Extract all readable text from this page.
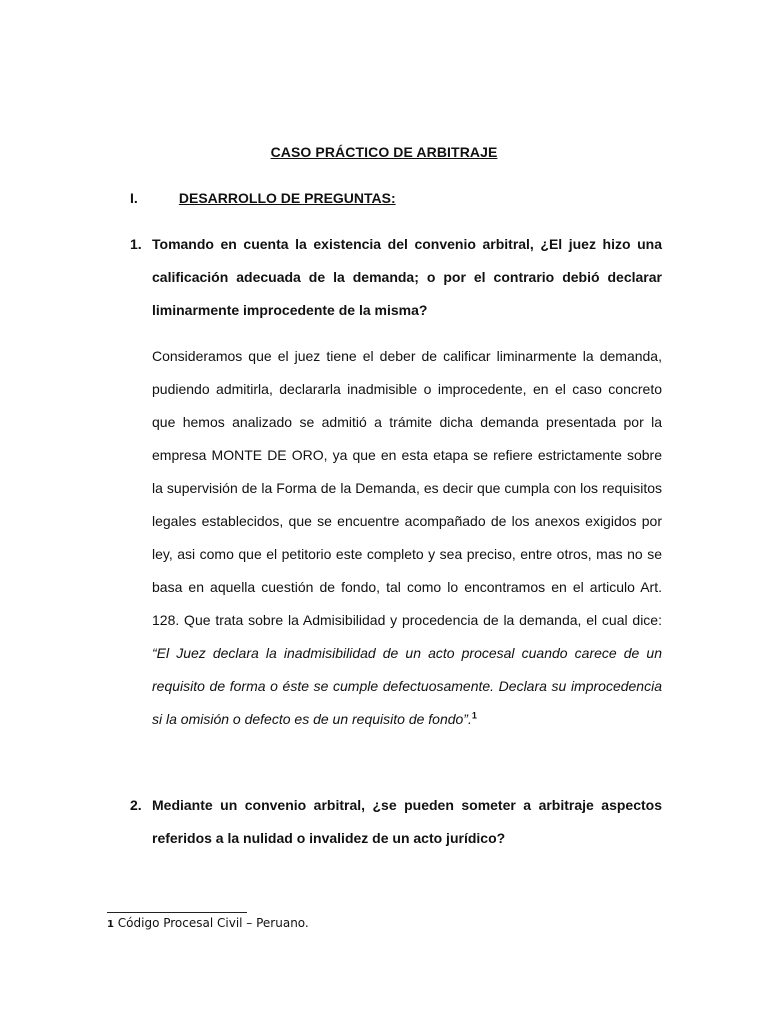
CASO PRÁCTICO DE ARBITRAJE
I.	DESARROLLO DE PREGUNTAS:
1. Tomando en cuenta la existencia del convenio arbitral, ¿El juez hizo una calificación adecuada de la demanda; o por el contrario debió declarar liminarmente improcedente de la misma?
Consideramos que el juez tiene el deber de calificar liminarmente la demanda, pudiendo admitirla, declararla inadmisible o improcedente, en el caso concreto que hemos analizado se admitió a trámite dicha demanda presentada por la empresa MONTE DE ORO, ya que en esta etapa se refiere estrictamente sobre la supervisión de la Forma de la Demanda, es decir que cumpla con los requisitos legales establecidos, que se encuentre acompañado de los anexos exigidos por ley, asi como que el petitorio este completo y sea preciso, entre otros, mas no se basa en aquella cuestión de fondo, tal como lo encontramos en el articulo Art. 128. Que trata sobre la Admisibilidad y procedencia de la demanda, el cual dice: “El Juez declara la inadmisibilidad de un acto procesal cuando carece de un requisito de forma o éste se cumple defectuosamente. Declara su improcedencia si la omisión o defecto es de un requisito de fondo”.$^1$
2. Mediante un convenio arbitral, ¿se pueden someter a arbitraje aspectos referidos a la nulidad o invalidez de un acto jurídico?
1 Código Procesal Civil – Peruano.
